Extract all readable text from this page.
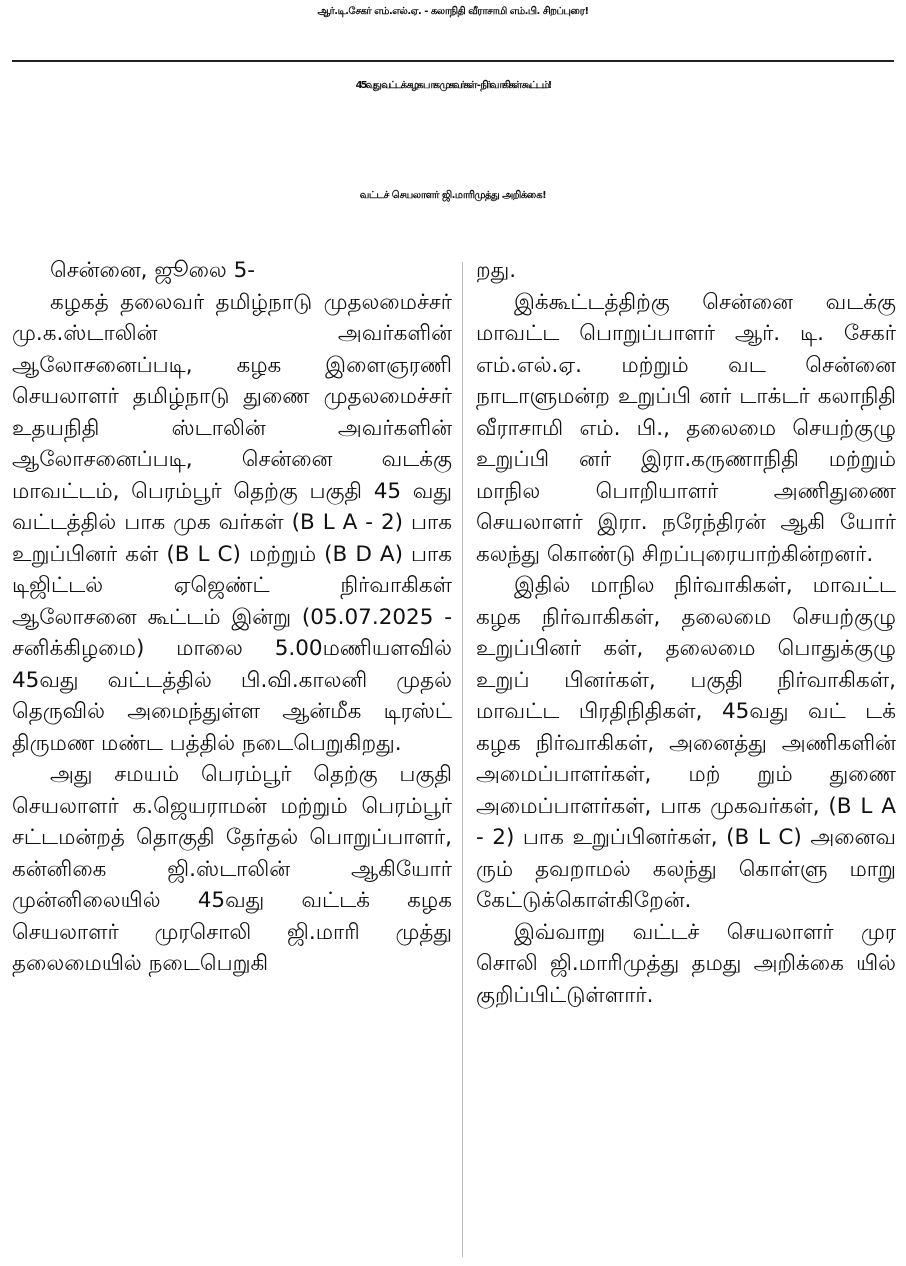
ஆர்.டி.சேகர் எம்.எல்.ஏ. - கலாநிதி வீராசாமி எம்.பி. சிறப்புரை!
45வது வட்டக் கழக பாக முகவர்கள் - நிர்வாகிகள் கூட்டம்!
வட்டச் செயலாளர் ஜி.மாரிமுத்து அறிக்கை!

சென்னை, ஜூலை 5-

கழகத் தலைவர் தமிழ்நாடு முதலமைச்சர் மு.க.ஸ்டாலின் அவர்களின் ஆலோசனைப்படி, கழக இளைஞரணி செயலாளர் தமிழ்நாடு துணை முதலமைச்சர் உதயநிதி ஸ்டாலின் அவர்களின் ஆலோசனைப்படி, சென்னை வடக்கு மாவட்டம், பெரம்பூர் தெற்கு பகுதி 45 வது வட்டத்தில் பாக முக வர்கள் (B L A - 2) பாக உறுப்பினர் கள் (B L C) மற்றும் (B D A) பாக டிஜிட்டல் ஏஜெண்ட் நிர்வாகிகள் ஆலோசனை கூட்டம் இன்று (05.07.2025 - சனிக்கிழமை) மாலை 5.00மணியளவில் 45வது வட்டத்தில் பி.வி.காலனி முதல் தெருவில் அமைந்துள்ள ஆன்மீக டிரஸ்ட் திருமண மண்ட பத்தில் நடைபெறுகிறது.

அது சமயம் பெரம்பூர் தெற்கு பகுதி செயலாளர் க.ஜெயராமன் மற்றும் பெரம்பூர் சட்டமன்றத் தொகுதி தேர்தல் பொறுப்பாளர், கன்னிகை ஜி.ஸ்டாலின் ஆகியோர் முன்னிலையில் 45வது வட்டக் கழக செயலாளர் முரசொலி ஜி.மாரி முத்து தலைமையில் நடைபெறுகி

றது.

இக்கூட்டத்திற்கு சென்னை வடக்கு மாவட்ட பொறுப்பாளர் ஆர். டி. சேகர் எம்.எல்.ஏ. மற்றும் வட சென்னை நாடாளுமன்ற உறுப்பி னர் டாக்டர் கலாநிதி வீராசாமி எம். பி., தலைமை செயற்குழு உறுப்பி னர் இரா.கருணாநிதி மற்றும் மாநில பொறியாளர் அணிதுணை செயலாளர் இரா. நரேந்திரன் ஆகி யோர் கலந்து கொண்டு சிறப்புரையாற்கின்றனர்.

இதில் மாநில நிர்வாகிகள், மாவட்ட கழக நிர்வாகிகள், தலைமை செயற்குழு உறுப்பினர் கள், தலைமை பொதுக்குழு உறுப் பினர்கள், பகுதி நிர்வாகிகள், மாவட்ட பிரதிநிதிகள், 45வது வட் டக் கழக நிர்வாகிகள், அனைத்து அணிகளின் அமைப்பாளர்கள், மற் றும் துணை அமைப்பாளர்கள், பாக முகவர்கள், (B L A - 2) பாக உறுப்பினர்கள், (B L C) அனைவ ரும் தவறாமல் கலந்து கொள்ளு மாறு கேட்டுக்கொள்கிறேன்.

இவ்வாறு வட்டச் செயலாளர் முர சொலி ஜி.மாரிமுத்து தமது அறிக்கை யில் குறிப்பிட்டுள்ளார்.
